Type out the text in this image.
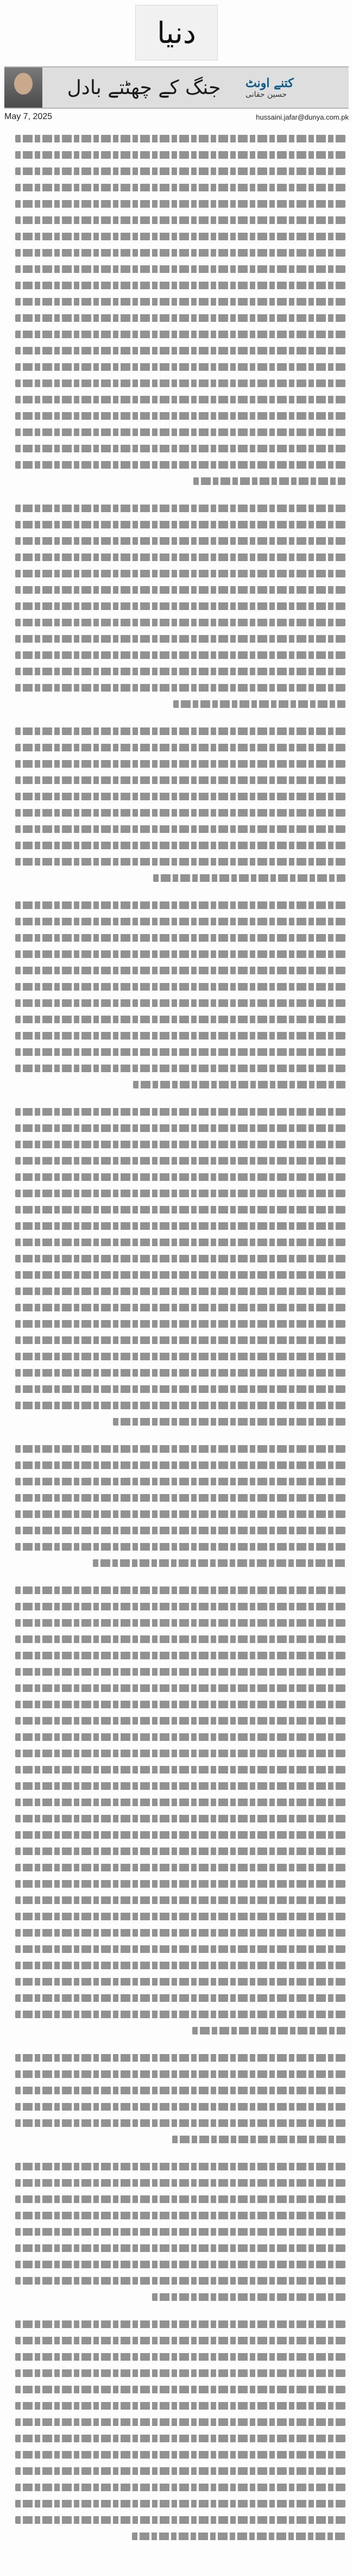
دنیا
جنگ کے چھٹتے بادل	کتنے اونٹ
حسین حقانی
May 7, 2025	hussaini.jafar@dunya.com.pk
